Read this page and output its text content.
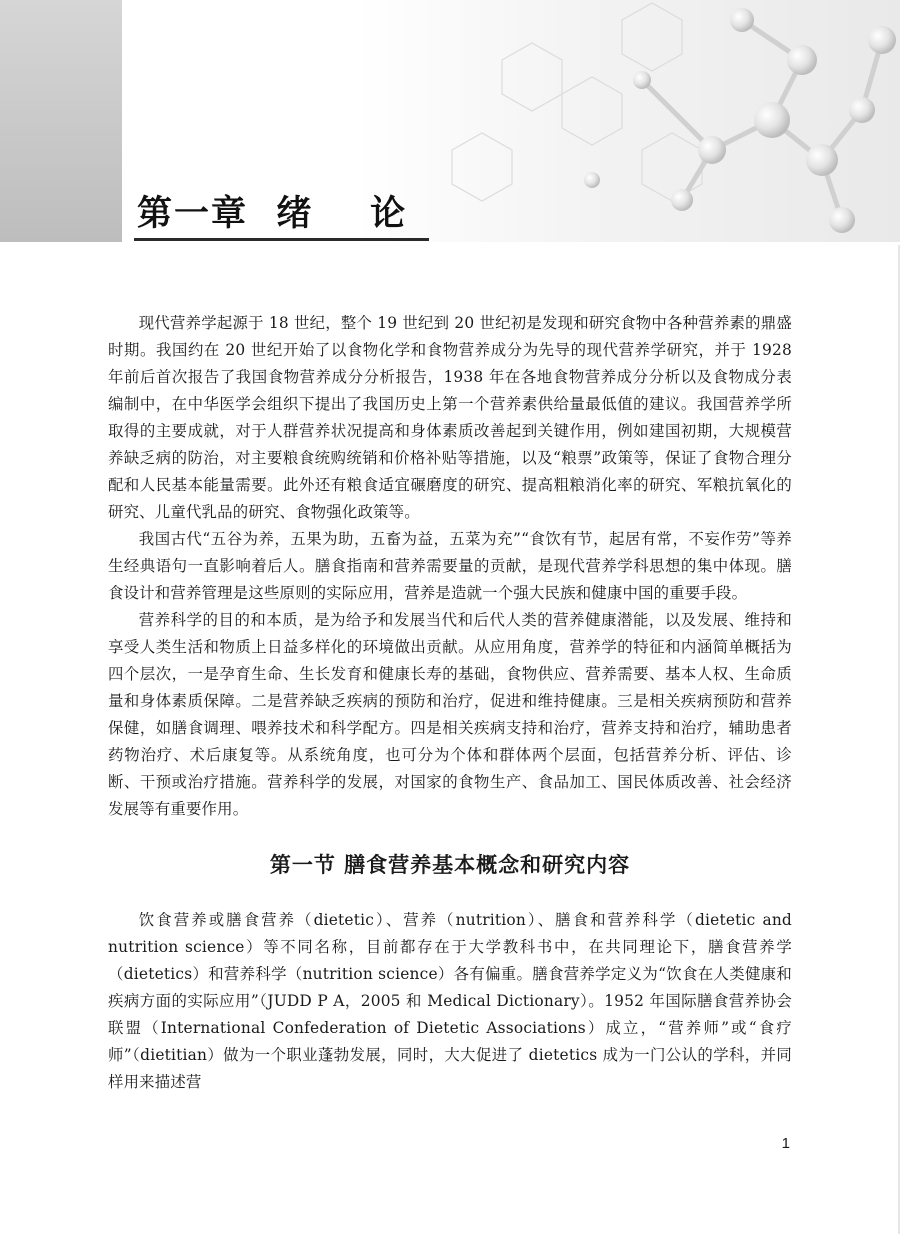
第一章  绪    论

现代营养学起源于 18 世纪，整个 19 世纪到 20 世纪初是发现和研究食物中各种营养素的鼎盛时期。我国约在 20 世纪开始了以食物化学和食物营养成分为先导的现代营养学研究，并于 1928 年前后首次报告了我国食物营养成分分析报告，1938 年在各地食物营养成分分析以及食物成分表编制中，在中华医学会组织下提出了我国历史上第一个营养素供给量最低值的建议。我国营养学所取得的主要成就，对于人群营养状况提高和身体素质改善起到关键作用，例如建国初期，大规模营养缺乏病的防治，对主要粮食统购统销和价格补贴等措施，以及“粮票”政策等，保证了食物合理分配和人民基本能量需要。此外还有粮食适宜碾磨度的研究、提高粗粮消化率的研究、军粮抗氧化的研究、儿童代乳品的研究、食物强化政策等。

我国古代“五谷为养，五果为助，五畜为益，五菜为充”“食饮有节，起居有常，不妄作劳”等养生经典语句一直影响着后人。膳食指南和营养需要量的贡献，是现代营养学科思想的集中体现。膳食设计和营养管理是这些原则的实际应用，营养是造就一个强大民族和健康中国的重要手段。

营养科学的目的和本质，是为给予和发展当代和后代人类的营养健康潜能，以及发展、维持和享受人类生活和物质上日益多样化的环境做出贡献。从应用角度，营养学的特征和内涵简单概括为四个层次，一是孕育生命、生长发育和健康长寿的基础，食物供应、营养需要、基本人权、生命质量和身体素质保障。二是营养缺乏疾病的预防和治疗，促进和维持健康。三是相关疾病预防和营养保健，如膳食调理、喂养技术和科学配方。四是相关疾病支持和治疗，营养支持和治疗，辅助患者药物治疗、术后康复等。从系统角度，也可分为个体和群体两个层面，包括营养分析、评估、诊断、干预或治疗措施。营养科学的发展，对国家的食物生产、食品加工、国民体质改善、社会经济发展等有重要作用。

第一节 膳食营养基本概念和研究内容

饮食营养或膳食营养（dietetic）、营养（nutrition）、膳食和营养科学（dietetic and nutrition science）等不同名称，目前都存在于大学教科书中，在共同理论下，膳食营养学（dietetics）和营养科学（nutrition science）各有偏重。膳食营养学定义为“饮食在人类健康和疾病方面的实际应用”（JUDD P A，2005 和 Medical Dictionary）。1952 年国际膳食营养协会联盟（International Confederation of Dietetic Associations）成立，“营养师”或“食疗师”（dietitian）做为一个职业蓬勃发展，同时，大大促进了 dietetics 成为一门公认的学科，并同样用来描述营

1
